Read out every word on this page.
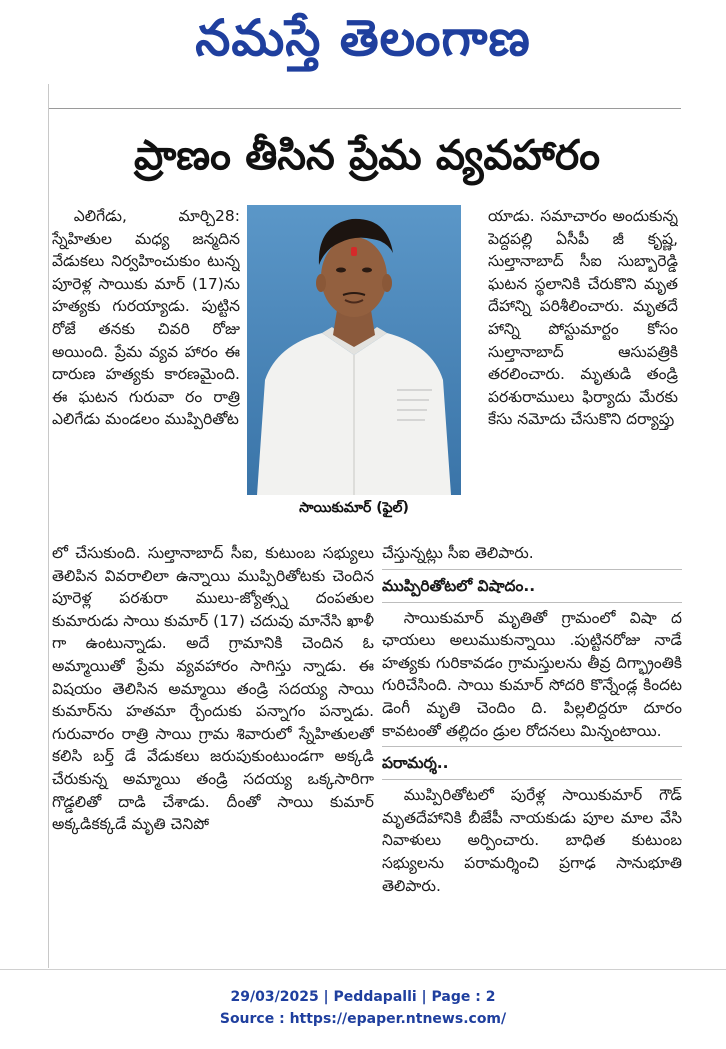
నమస్తే తెలంగాణ
ప్రాణం తీసిన ప్రేమ వ్యవహారం

ఎలిగేడు, మార్చి28: స్నేహితుల మధ్య జన్మదిన వేడుకలు నిర్వహించుకుం టున్న పూరెళ్ల సాయికు మార్ (17)ను హత్యకు గురయ్యాడు. పుట్టిన రోజే తనకు చివరి రోజు అయింది. ప్రేమ వ్యవ హారం ఈ దారుణ హత్యకు కారణమైంది. ఈ ఘటన గురువా రం రాత్రి ఎలిగేడు మండలం ముప్పిరితోట

సాయికుమార్ (ఫైల్)

యాడు. సమాచారం అందుకున్న పెద్దపల్లి ఏసీపీ జీ కృష్ణ, సుల్తానాబాద్ సీఐ సుబ్బారెడ్డి ఘటన స్థలానికి చేరుకొని మృత దేహాన్ని పరిశీలించారు. మృతదే హాన్ని పోస్టుమార్టం కోసం సుల్తానాబాద్ ఆసుపత్రికి తరలించారు. మృతుడి తండ్రి పరశురాములు ఫిర్యాదు మేరకు కేసు నమోదు చేసుకొని దర్యాప్తు

లో చేసుకుంది. సుల్తానాబాద్ సీఐ, కుటుంబ సభ్యులు తెలిపిన వివరాలిలా ఉన్నాయి ముప్పిరితోటకు చెందిన పూరెళ్ల పరశురా ములు-జ్యోత్స్న దంపతుల కుమారుడు సాయి కుమార్ (17) చదువు మానేసి ఖాళీ గా ఉంటున్నాడు. అదే గ్రామానికి చెందిన ఓ అమ్మాయితో ప్రేమ వ్యవహారం సాగిస్తు న్నాడు. ఈ విషయం తెలిసిన అమ్మాయి తండ్రి సదయ్య సాయి కుమార్‌ను హతమా ర్చేందుకు పన్నాగం పన్నాడు. గురువారం రాత్రి సాయి గ్రామ శివారులో స్నేహితులతో కలిసి బర్త్ డే వేడుకలు జరుపుకుంటుండగా అక్కడి చేరుకున్న అమ్మాయి తండ్రి సదయ్య ఒక్కసారిగా గొడ్డలితో దాడి చేశాడు. దీంతో సాయి కుమార్ అక్కడికక్కడే మృతి చెనిపో

చేస్తున్నట్లు సీఐ తెలిపారు.

ముప్పిరితోటలో విషాదం..

సాయికుమార్ మృతితో గ్రామంలో విషా ద ఛాయలు అలుముకున్నాయి .పుట్టినరోజు నాడే హత్యకు గురికావడం గ్రామస్తులను తీవ్ర దిగ్భ్రాంతికి గురిచేసింది. సాయి కుమార్ సోదరి కొన్నేండ్ల కిందట డెంగీ మృతి చెందిం ది. పిల్లలిద్దరూ దూరం కావటంతో తల్లిదం డ్రుల రోదనలు మిన్నంటాయి.

పరామర్శ..

ముప్పిరితోటలో పురేళ్ల సాయికుమార్ గౌడ్ మృతదేహానికి బీజేపీ నాయకుడు పూల మాల వేసి నివాళులు అర్పించారు. బాధిత కుటుంబ సభ్యులను పరామర్శించి ప్రగాఢ సానుభూతి తెలిపారు.

29/03/2025 | Peddapalli | Page : 2
Source : https://epaper.ntnews.com/
